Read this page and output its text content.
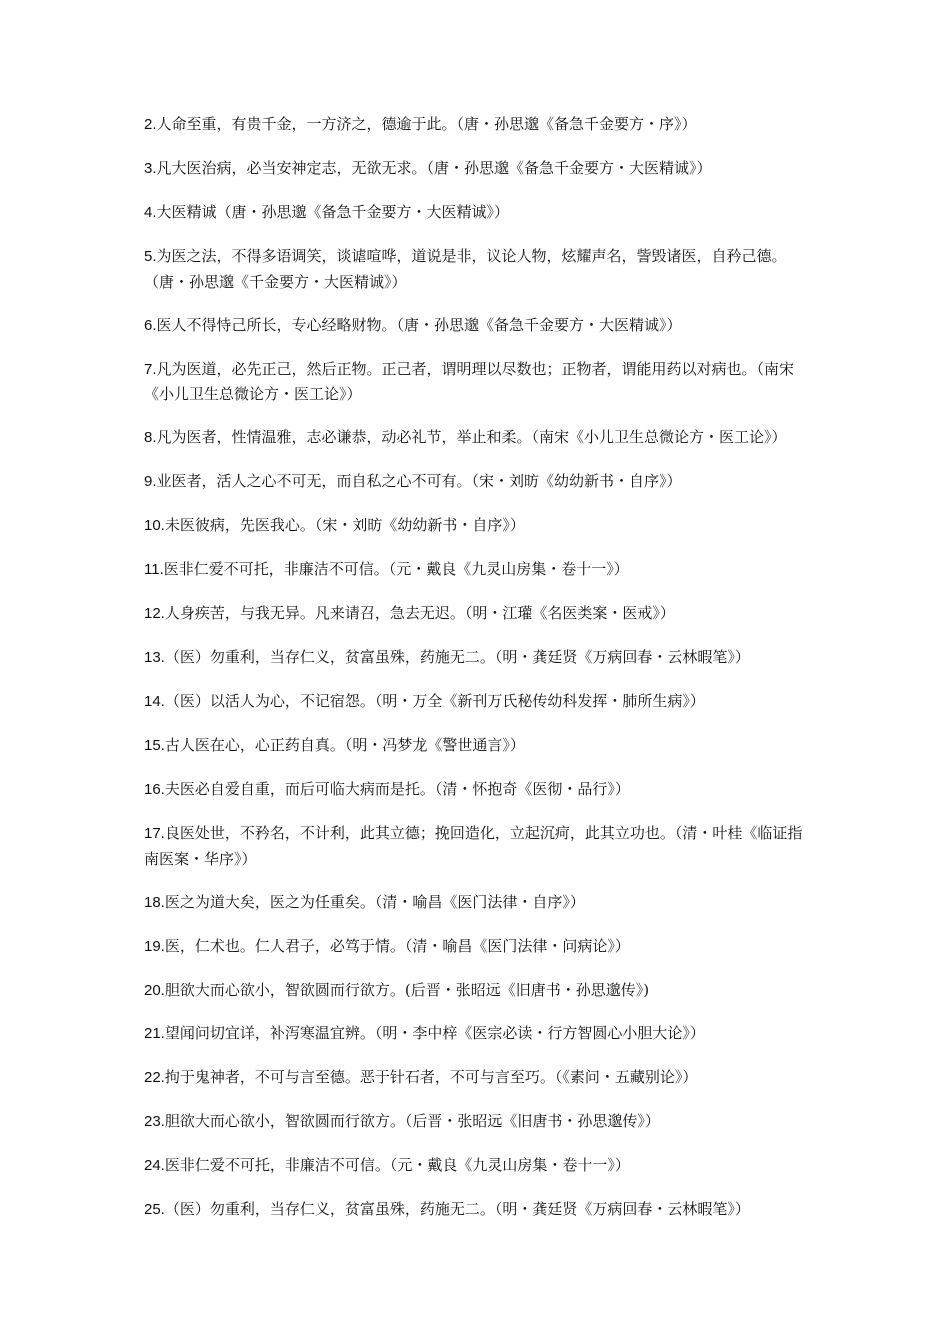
2.人命至重，有贵千金，一方济之，德逾于此。（唐・孙思邈《备急千金要方・序》）

3.凡大医治病，必当安神定志，无欲无求。（唐・孙思邈《备急千金要方・大医精诚》）

4.大医精诚（唐・孙思邈《备急千金要方・大医精诚》）

5.为医之法，不得多语调笑，谈谑喧哗，道说是非，议论人物，炫耀声名，訾毁诸医，自矜己德。（唐・孙思邈《千金要方・大医精诚》）

6.医人不得恃己所长，专心经略财物。（唐・孙思邈《备急千金要方・大医精诚》）

7.凡为医道，必先正己，然后正物。正己者，谓明理以尽数也；正物者，谓能用药以对病也。（南宋《小儿卫生总微论方・医工论》）

8.凡为医者，性情温雅，志必谦恭，动必礼节，举止和柔。（南宋《小儿卫生总微论方・医工论》）

9.业医者，活人之心不可无，而自私之心不可有。（宋・刘昉《幼幼新书・自序》）

10.未医彼病，先医我心。（宋・刘昉《幼幼新书・自序》）

11.医非仁爱不可托，非廉洁不可信。（元・戴良《九灵山房集・卷十一》）

12.人身疾苦，与我无异。凡来请召，急去无迟。（明・江瓘《名医类案・医戒》）

13.（医）勿重利，当存仁义，贫富虽殊，药施无二。（明・龚廷贤《万病回春・云林暇笔》）

14.（医）以活人为心，不记宿怨。（明・万全《新刊万氏秘传幼科发挥・肺所生病》）

15.古人医在心，心正药自真。（明・冯梦龙《警世通言》）

16.夫医必自爱自重，而后可临大病而是托。（清・怀抱奇《医彻・品行》）

17.良医处世，不矜名，不计利，此其立德；挽回造化，立起沉疴，此其立功也。（清・叶桂《临证指南医案・华序》）

18.医之为道大矣，医之为任重矣。（清・喻昌《医门法律・自序》）

19.医，仁术也。仁人君子，必笃于情。（清・喻昌《医门法律・问病论》）

20.胆欲大而心欲小，智欲圆而行欲方。(后晋・张昭远《旧唐书・孙思邈传》)

21.望闻问切宜详，补泻寒温宜辨。（明・李中梓《医宗必读・行方智圆心小胆大论》）

22.拘于鬼神者，不可与言至德。恶于针石者，不可与言至巧。（《素问・五藏别论》）

23.胆欲大而心欲小，智欲圆而行欲方。（后晋・张昭远《旧唐书・孙思邈传》）

24.医非仁爱不可托，非廉洁不可信。（元・戴良《九灵山房集・卷十一》）

25.（医）勿重利，当存仁义，贫富虽殊，药施无二。（明・龚廷贤《万病回春・云林暇笔》）
